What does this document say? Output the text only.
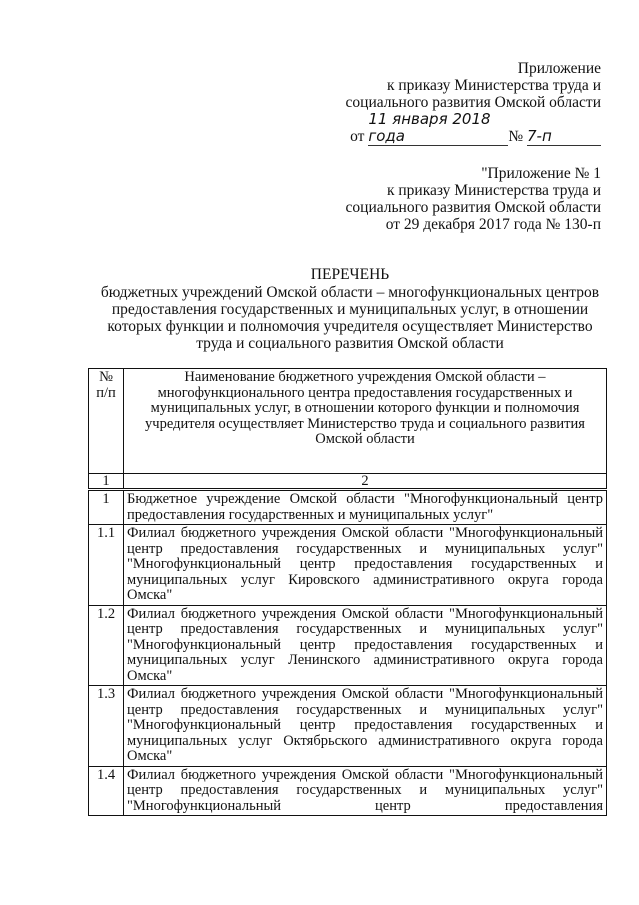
Приложение
к приказу Министерства труда и
социального развития Омской области
от 11 января 2018 года	№ 7-п
"Приложение № 1
к приказу Министерства труда и
социального развития Омской области
от 29 декабря 2017 года № 130-п
ПЕРЕЧЕНЬ
бюджетных учреждений Омской области – многофункциональных центров предоставления государственных и муниципальных услуг, в отношении которых функции и полномочия учредителя осуществляет Министерство труда и социального развития Омской области
№ п/п	Наименование бюджетного учреждения Омской области – многофункционального центра предоставления государственных и муниципальных услуг, в отношении которого функции и полномочия учредителя осуществляет Министерство труда и социального развития Омской области
1	2
1	Бюджетное учреждение Омской области "Многофункциональный центр предоставления государственных и муниципальных услуг"
1.1	Филиал бюджетного учреждения Омской области "Многофункциональный центр предоставления государственных и муниципальных услуг" "Многофункциональный центр предоставления государственных и муниципальных услуг Кировского административного округа города Омска"
1.2	Филиал бюджетного учреждения Омской области "Многофункциональный центр предоставления государственных и муниципальных услуг" "Многофункциональный центр предоставления государственных и муниципальных услуг Ленинского административного округа города Омска"
1.3	Филиал бюджетного учреждения Омской области "Многофункциональный центр предоставления государственных и муниципальных услуг" "Многофункциональный центр предоставления государственных и муниципальных услуг Октябрьского административного округа города Омска"
1.4	Филиал бюджетного учреждения Омской области "Многофункциональный центр предоставления государственных и муниципальных услуг" "Многофункциональный центр предоставления
